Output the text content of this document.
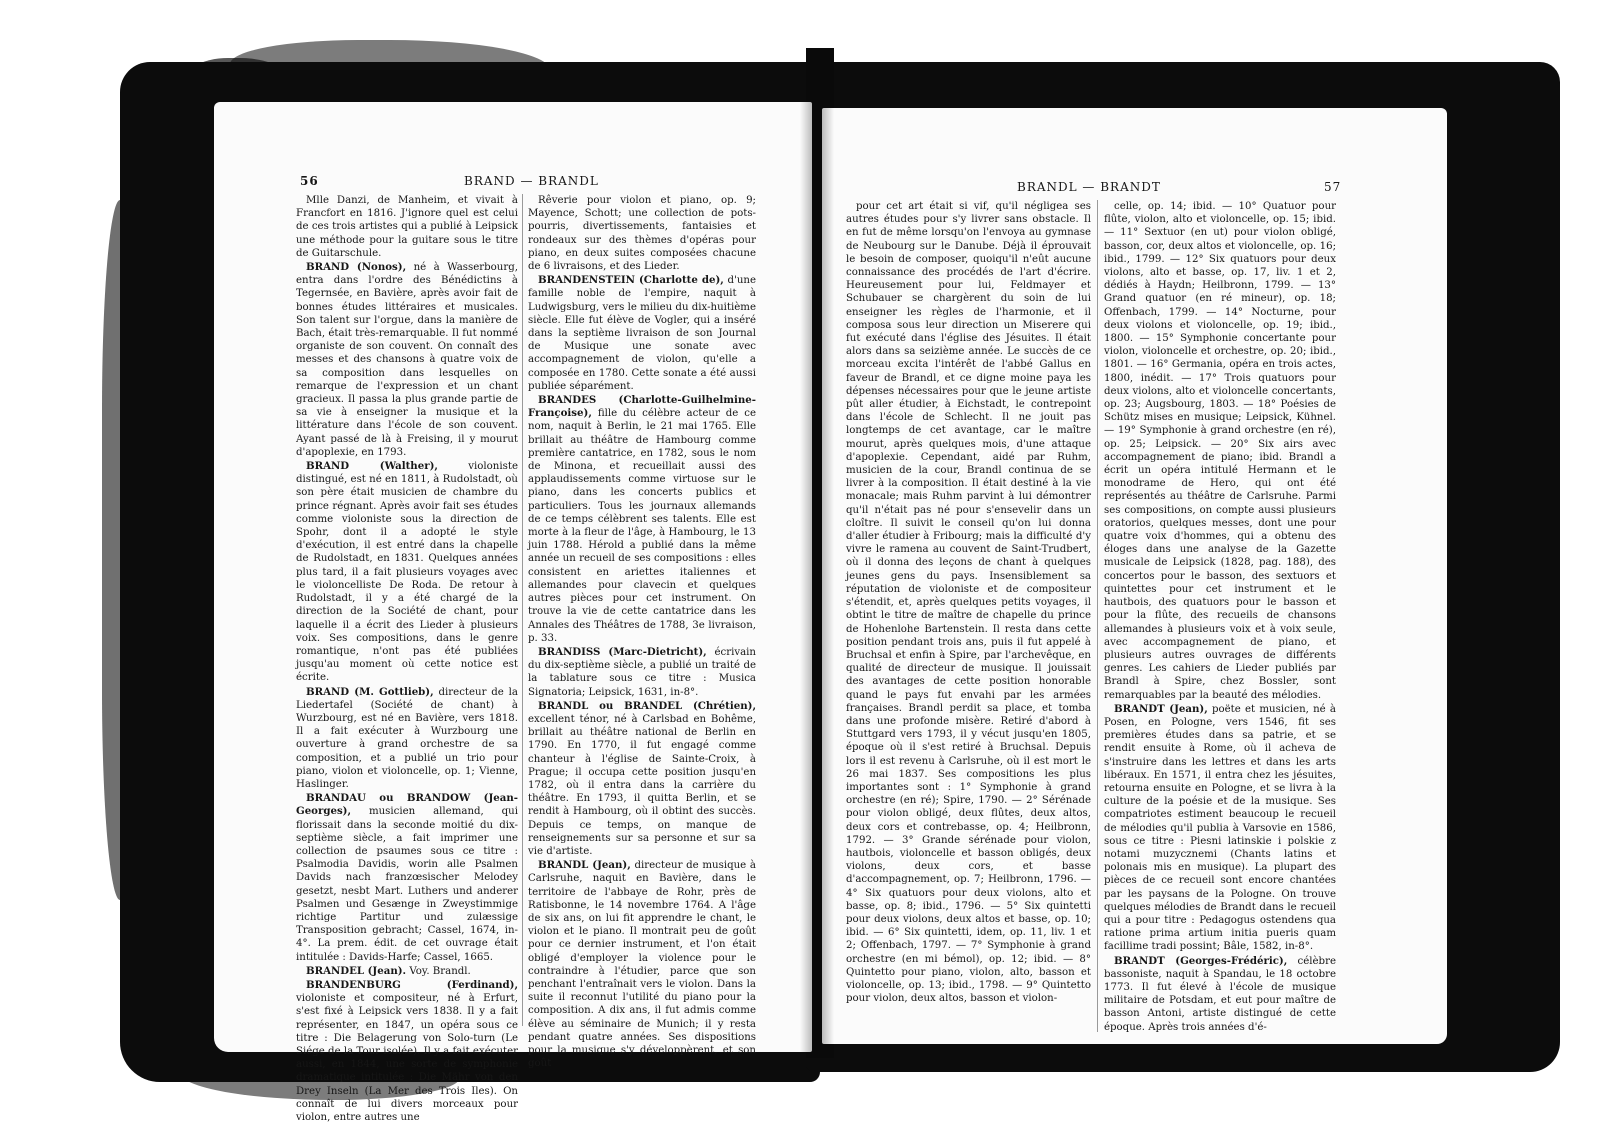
56	BRAND — BRANDL

Mlle Danzi, de Manheim, et vivait à Francfort en 1816. J'ignore quel est celui de ces trois artistes qui a publié à Leipsick une méthode pour la guitare sous le titre de Guitarschule.

BRAND (Nonos), né à Wasserbourg, entra dans l'ordre des Bénédictins à Tegernsée, en Bavière, après avoir fait de bonnes études littéraires et musicales. Son talent sur l'orgue, dans la manière de Bach, était très-remarquable. Il fut nommé organiste de son couvent. On connaît des messes et des chansons à quatre voix de sa composition dans lesquelles on remarque de l'expression et un chant gracieux. Il passa la plus grande partie de sa vie à enseigner la musique et la littérature dans l'école de son couvent. Ayant passé de là à Freising, il y mourut d'apoplexie, en 1793.

BRAND (Walther),	violoniste distingué, est né en 1811, à Rudolstadt, où son père était musicien de chambre du prince régnant. Après avoir fait ses études comme violoniste sous la direction de Spohr, dont il a adopté le style d'exécution, il est entré dans la chapelle de Rudolstadt, en 1831. Quelques années plus tard, il a fait plusieurs voyages avec le violoncelliste De Roda. De retour à Rudolstadt, il y a été chargé de la direction de la Société de chant, pour laquelle il a écrit des Lieder à plusieurs voix. Ses compositions, dans le genre romantique, n'ont pas été publiées jusqu'au moment où cette notice est écrite.

BRAND (M. Gottlieb), directeur de la Liedertafel (Société de chant) à Wurzbourg, est né en Bavière, vers 1818. Il a fait exécuter à Wurzbourg une ouverture à grand orchestre de sa composition, et a publié un trio pour piano, violon et violoncelle, op. 1; Vienne, Haslinger.

BRANDAU ou BRANDOW (Jean-Georges), musicien allemand, qui florissait dans la seconde moitié du dix-septième siècle, a fait imprimer une collection de psaumes sous ce titre : Psalmodia Davidis, worin alle Psalmen Davids nach franzœsischer Melodey gesetzt, nesbt Mart. Luthers und anderer Psalmen und Gesænge in Zweystimmige richtige Partitur und zulæssige Transposition gebracht; Cassel, 1674, in-4°. La prem. édit. de cet ouvrage était intitulée : Davids-Harfe; Cassel, 1665.

BRANDEL (Jean). Voy. Brandl.

BRANDENBURG (Ferdinand), violoniste et compositeur, né à Erfurt, s'est fixé à Leipsick vers 1838. Il y a fait représenter, en 1847, un opéra sous ce titre : Die Belagerung von Solo-turn (Le Siége de la Tour isolée). Il y a fait exécuter aussi, en 1844, une sorte de symphonie dramatique intitulée : Die Mähr von den Drey Inseln (La Mer des Trois Iles). On connaît de lui divers morceaux pour violon, entre autres une

Rêverie pour violon et piano, op. 9; Mayence, Schott; une collection de pots-pourris, divertissements, fantaisies et rondeaux sur des thèmes d'opéras pour piano, en deux suites composées chacune de 6 livraisons, et des Lieder.

BRANDENSTEIN (Charlotte de), d'une famille noble de l'empire, naquit à Ludwigsburg, vers le milieu du dix-huitième siècle. Elle fut élève de Vogler, qui a inséré dans la septième livraison de son Journal de Musique une sonate avec accompagnement de violon, qu'elle a composée en 1780. Cette sonate a été aussi publiée séparément.

BRANDES (Charlotte-Guilhelmine-Françoise), fille du célèbre acteur de ce nom, naquit à Berlin, le 21 mai 1765. Elle brillait au théâtre de Hambourg comme première cantatrice, en 1782, sous le nom de Minona, et recueillait aussi des applaudissements comme virtuose sur le piano, dans les concerts publics et particuliers. Tous les journaux allemands de ce temps célèbrent ses talents. Elle est morte à la fleur de l'âge, à Hambourg, le 13 juin 1788. Hérold a publié dans la même année un recueil de ses compositions : elles consistent en ariettes italiennes et allemandes pour clavecin et quelques autres pièces pour cet instrument. On trouve la vie de cette cantatrice dans les Annales des Théâtres de 1788, 3e livraison, p. 33.

BRANDISS (Marc-Dietricht), écrivain du dix-septième siècle, a publié un traité de la tablature sous ce titre : Musica Signatoria; Leipsick, 1631, in-8°.

BRANDL ou BRANDEL (Chrétien), excellent ténor, né à Carlsbad en Bohême, brillait au théâtre national de Berlin en 1790. En 1770, il fut engagé comme chanteur à l'église de Sainte-Croix, à Prague; il occupa cette position jusqu'en 1782, où il entra dans la carrière du théâtre. En 1793, il quitta Berlin, et se rendit à Hambourg, où il obtint des succès. Depuis ce temps, on manque de renseignements sur sa personne et sur sa vie d'artiste.

BRANDL (Jean), directeur de musique à Carlsruhe, naquit en Bavière, dans le territoire de l'abbaye de Rohr, près de Ratisbonne, le 14 novembre 1764. A l'âge de six ans, on lui fit apprendre le chant, le violon et le piano. Il montrait peu de goût pour ce dernier instrument, et l'on était obligé d'employer la violence pour le contraindre à l'étudier, parce que son penchant l'entraînait vers le violon. Dans la suite il reconnut l'utilité du piano pour la composition. A dix ans, il fut admis comme élève au séminaire de Munich; il y resta pendant quatre années. Ses dispositions pour la musique s'y développèrent, et son goût

BRANDL — BRANDT	57

pour cet art était si vif, qu'il négligea ses autres études pour s'y livrer sans obstacle. Il en fut de même lorsqu'on l'envoya au gymnase de Neubourg sur le Danube. Déjà il éprouvait le besoin de composer, quoiqu'il n'eût aucune connaissance des procédés de l'art d'écrire. Heureusement pour lui, Feldmayer et Schubauer se chargèrent du soin de lui enseigner les règles de l'harmonie, et il composa sous leur direction un Miserere qui fut exécuté dans l'église des Jésuites. Il était alors dans sa seizième année. Le succès de ce morceau excita l'intérêt de l'abbé Gallus en faveur de Brandl, et ce digne moine paya les dépenses nécessaires pour que le jeune artiste pût aller étudier, à Eichstadt, le contrepoint dans l'école de Schlecht. Il ne jouit pas longtemps de cet avantage, car le maître mourut, après quelques mois, d'une attaque d'apoplexie. Cependant, aidé par Ruhm, musicien de la cour, Brandl continua de se livrer à la composition. Il était destiné à la vie monacale; mais Ruhm parvint à lui démontrer qu'il n'était pas né pour s'ensevelir dans un cloître. Il suivit le conseil qu'on lui donna d'aller étudier à Fribourg; mais la difficulté d'y vivre le ramena au couvent de Saint-Trudbert, où il donna des leçons de chant à quelques jeunes gens du pays. Insensiblement sa réputation de violoniste et de compositeur s'étendit, et, après quelques petits voyages, il obtint le titre de maître de chapelle du prince de Hohenlohe Bartenstein. Il resta dans cette position pendant trois ans, puis il fut appelé à Bruchsal et enfin à Spire, par l'archevêque, en qualité de directeur de musique. Il jouissait des avantages de cette position honorable quand le pays fut envahi par les armées françaises. Brandl perdit sa place, et tomba dans une profonde misère. Retiré d'abord à Stuttgard vers 1793, il y vécut jusqu'en 1805, époque où il s'est retiré à Bruchsal. Depuis lors il est revenu à Carlsruhe, où il est mort le 26 mai 1837. Ses compositions les plus importantes sont : 1° Symphonie à grand orchestre (en ré); Spire, 1790. — 2° Sérénade pour violon obligé, deux flûtes, deux altos, deux cors et contrebasse, op. 4; Heilbronn, 1792. — 3° Grande sérénade pour violon, hautbois, violoncelle et basson obligés, deux violons, deux cors, et basse d'accompagnement, op. 7; Heilbronn, 1796. — 4° Six quatuors pour deux violons, alto et basse, op. 8; ibid., 1796. — 5° Six quintetti pour deux violons, deux altos et basse, op. 10; ibid. — 6° Six quintetti, idem, op. 11, liv. 1 et 2; Offenbach, 1797. — 7° Symphonie à grand orchestre (en mi bémol), op. 12; ibid. — 8° Quintetto pour piano, violon, alto, basson et violoncelle, op. 13; ibid., 1798. — 9° Quintetto pour violon, deux altos, basson et violon-

celle, op. 14; ibid. — 10° Quatuor pour flûte, violon, alto et violoncelle, op. 15; ibid. — 11° Sextuor (en ut) pour violon obligé, basson, cor, deux altos et violoncelle, op. 16; ibid., 1799. — 12° Six quatuors pour deux violons, alto et basse, op. 17, liv. 1 et 2, dédiés à Haydn; Heilbronn, 1799. — 13° Grand quatuor (en ré mineur), op. 18; Offenbach, 1799. — 14° Nocturne, pour deux violons et violoncelle, op. 19; ibid., 1800. — 15° Symphonie concertante pour violon, violoncelle et orchestre, op. 20; ibid., 1801. — 16° Germania, opéra en trois actes, 1800, inédit. — 17° Trois quatuors pour deux violons, alto et violoncelle concertants, op. 23; Augsbourg, 1803. — 18° Poésies de Schütz mises en musique; Leipsick, Kühnel. — 19° Symphonie à grand orchestre (en ré), op. 25; Leipsick. — 20° Six airs avec accompagnement de piano; ibid. Brandl a écrit un opéra intitulé Hermann et le monodrame de Hero, qui ont été représentés au théâtre de Carlsruhe. Parmi ses compositions, on compte aussi plusieurs oratorios, quelques messes, dont une pour quatre voix d'hommes, qui a obtenu des éloges dans une analyse de la Gazette musicale de Leipsick (1828, pag. 188), des concertos pour le basson, des sextuors et quintettes pour cet instrument et le hautbois, des quatuors pour le basson et pour la flûte, des recueils de chansons allemandes à plusieurs voix et à voix seule, avec accompagnement de piano, et plusieurs autres ouvrages de différents genres. Les cahiers de Lieder publiés par Brandl à Spire, chez Bossler, sont remarquables par la beauté des mélodies.

BRANDT (Jean), poëte et musicien, né à Posen, en Pologne, vers 1546, fit ses premières études dans sa patrie, et se rendit ensuite à Rome, où il acheva de s'instruire dans les lettres et dans les arts libéraux. En 1571, il entra chez les jésuites, retourna ensuite en Pologne, et se livra à la culture de la poésie et de la musique. Ses compatriotes estiment beaucoup le recueil de mélodies qu'il publia à Varsovie en 1586, sous ce titre : Piesni latinskie i polskie z notami muzycznemi (Chants latins et polonais mis en musique). La plupart des pièces de ce recueil sont encore chantées par les paysans de la Pologne. On trouve quelques mélodies de Brandt dans le recueil qui a pour titre : Pedagogus ostendens qua ratione prima artium initia pueris quam facillime tradi possint; Bâle, 1582, in-8°.

BRANDT (Georges-Frédéric), célèbre bassoniste, naquit à Spandau, le 18 octobre 1773. Il fut élevé à l'école de musique militaire de Potsdam, et eut pour maître de basson Antoni, artiste distingué de cette époque. Après trois années d'é-
